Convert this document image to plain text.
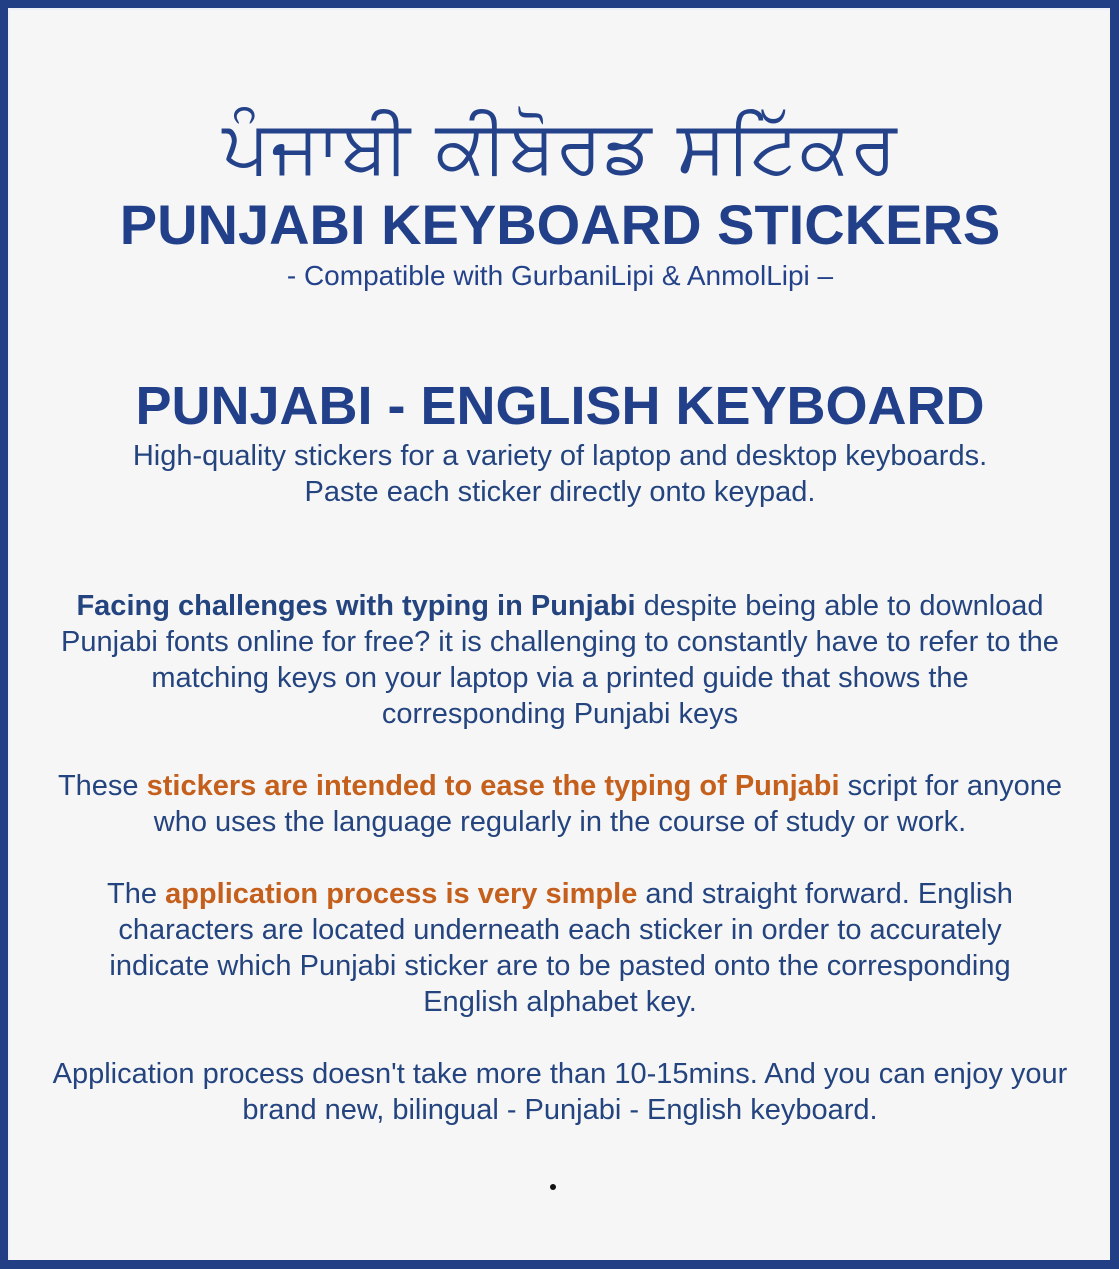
ਪੰਜਾਬੀ ਕੀਬੋਰਡ ਸਟਿੱਕਰ
PUNJABI KEYBOARD STICKERS
- Compatible with GurbaniLipi & AnmolLipi –
PUNJABI - ENGLISH KEYBOARD
High-quality stickers for a variety of laptop and desktop keyboards.
Paste each sticker directly onto keypad.

Facing challenges with typing in Punjabi despite being able to download Punjabi fonts online for free? it is challenging to constantly have to refer to the matching keys on your laptop via a printed guide that shows the corresponding Punjabi keys

These stickers are intended to ease the typing of Punjabi script for anyone who uses the language regularly in the course of study or work.

The application process is very simple and straight forward. English characters are located underneath each sticker in order to accurately indicate which Punjabi sticker are to be pasted onto the corresponding English alphabet key.

Application process doesn't take more than 10-15mins. And you can enjoy your brand new, bilingual - Punjabi - English keyboard.
